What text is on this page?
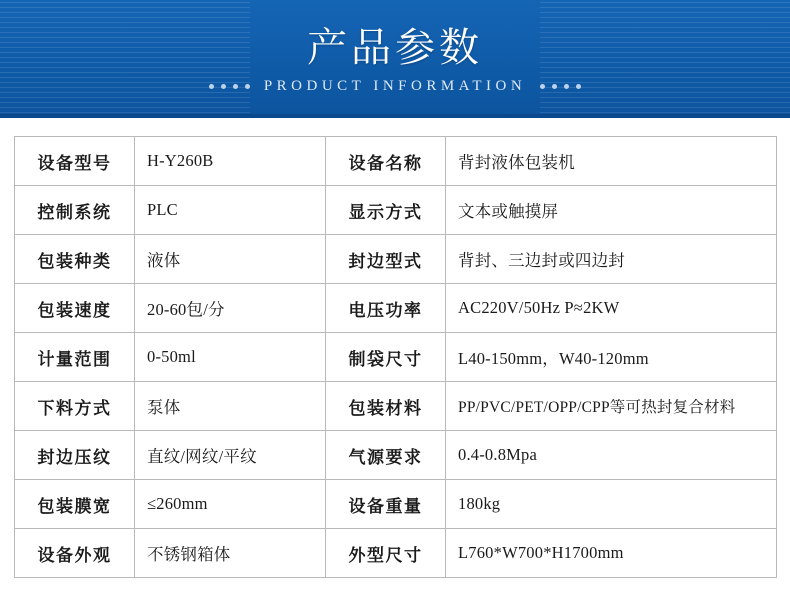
产品参数
PRODUCT INFORMATION
设备型号	H-Y260B	设备名称	背封液体包装机
控制系统	PLC	显示方式	文本或触摸屏
包装种类	液体	封边型式	背封、三边封或四边封
包装速度	20-60包/分	电压功率	AC220V/50Hz P≈2KW
计量范围	0-50ml	制袋尺寸	L40-150mm，W40-120mm
下料方式	泵体	包装材料	PP/PVC/PET/OPP/CPP等可热封复合材料
封边压纹	直纹/网纹/平纹	气源要求	0.4-0.8Mpa
包装膜宽	≤260mm	设备重量	180kg
设备外观	不锈钢箱体	外型尺寸	L760*W700*H1700mm
